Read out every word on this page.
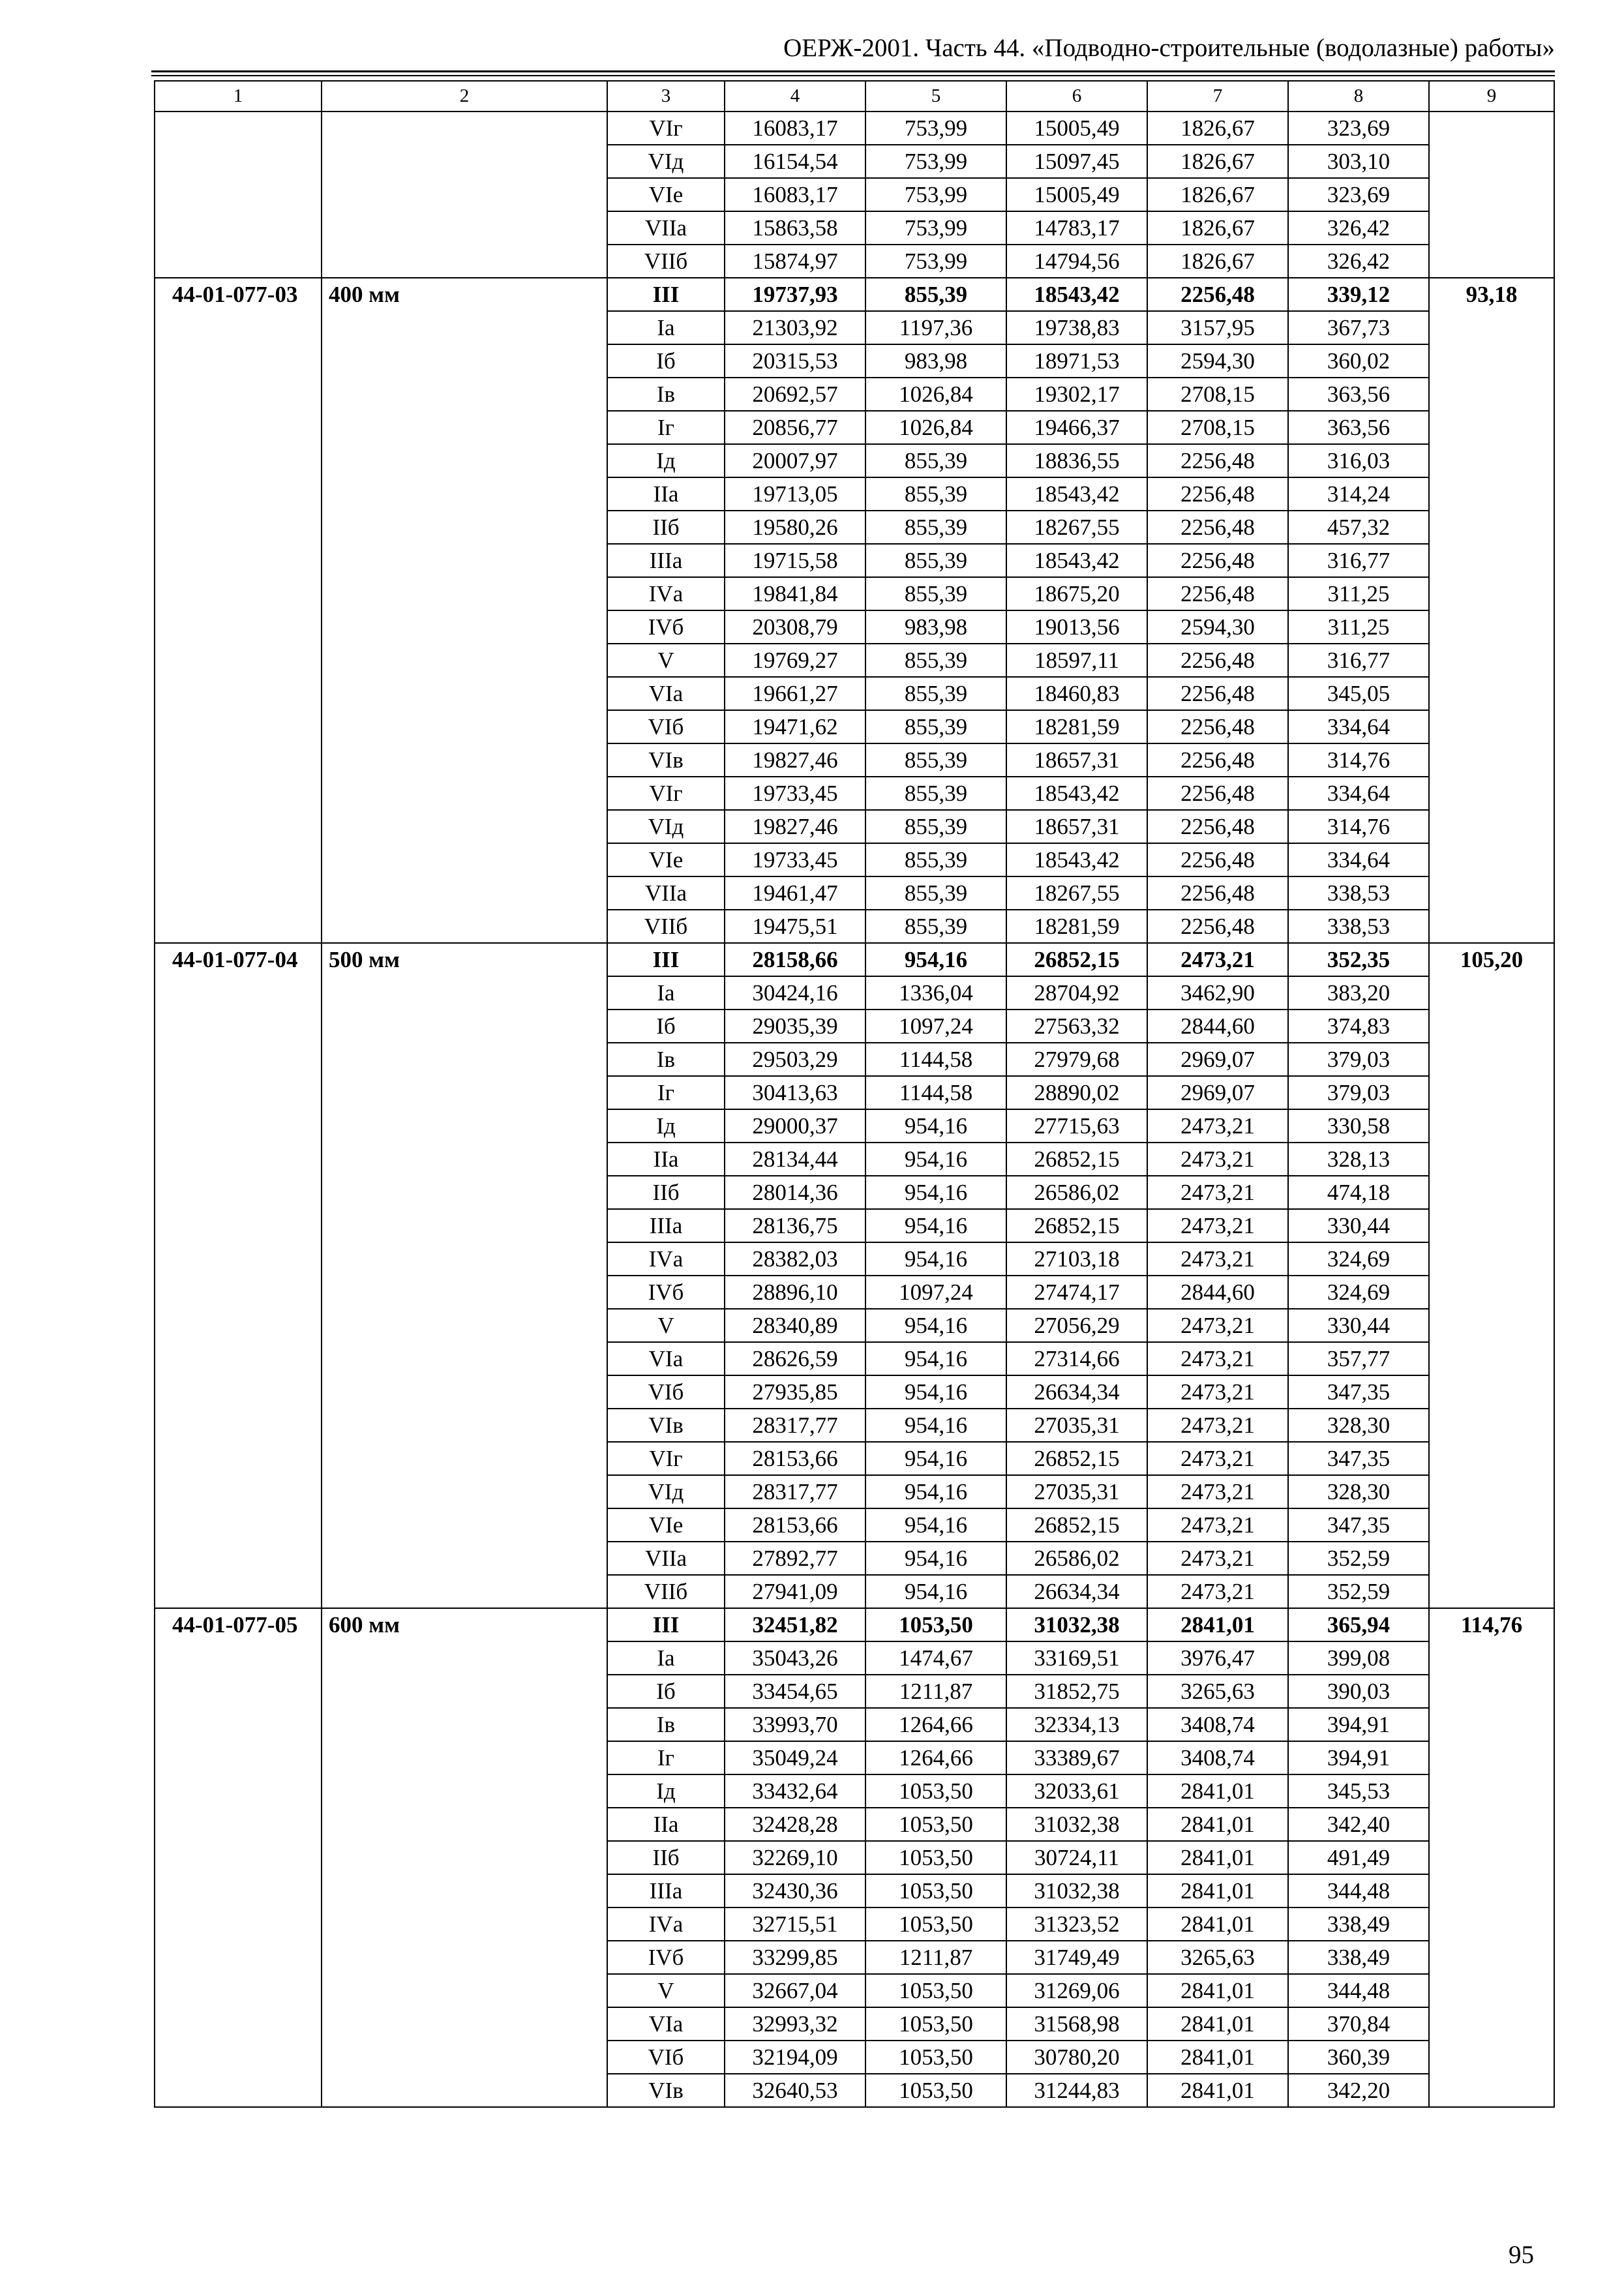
ОЕРЖ-2001. Часть 44. «Подводно-строительные (водолазные) работы»
1	2	3	4	5	6	7	8	9
		VIг	16083,17	753,99	15005,49	1826,67	323,69	
		VIд	16154,54	753,99	15097,45	1826,67	303,10	
		VIе	16083,17	753,99	15005,49	1826,67	323,69	
		VIIа	15863,58	753,99	14783,17	1826,67	326,42	
		VIIб	15874,97	753,99	14794,56	1826,67	326,42	
44-01-077-03	400 мм	III	19737,93	855,39	18543,42	2256,48	339,12	93,18
		Iа	21303,92	1197,36	19738,83	3157,95	367,73	
		Iб	20315,53	983,98	18971,53	2594,30	360,02	
		Iв	20692,57	1026,84	19302,17	2708,15	363,56	
		Iг	20856,77	1026,84	19466,37	2708,15	363,56	
		Iд	20007,97	855,39	18836,55	2256,48	316,03	
		IIа	19713,05	855,39	18543,42	2256,48	314,24	
		IIб	19580,26	855,39	18267,55	2256,48	457,32	
		IIIа	19715,58	855,39	18543,42	2256,48	316,77	
		IVа	19841,84	855,39	18675,20	2256,48	311,25	
		IVб	20308,79	983,98	19013,56	2594,30	311,25	
		V	19769,27	855,39	18597,11	2256,48	316,77	
		VIа	19661,27	855,39	18460,83	2256,48	345,05	
		VIб	19471,62	855,39	18281,59	2256,48	334,64	
		VIв	19827,46	855,39	18657,31	2256,48	314,76	
		VIг	19733,45	855,39	18543,42	2256,48	334,64	
		VIд	19827,46	855,39	18657,31	2256,48	314,76	
		VIе	19733,45	855,39	18543,42	2256,48	334,64	
		VIIа	19461,47	855,39	18267,55	2256,48	338,53	
		VIIб	19475,51	855,39	18281,59	2256,48	338,53	
44-01-077-04	500 мм	III	28158,66	954,16	26852,15	2473,21	352,35	105,20
		Iа	30424,16	1336,04	28704,92	3462,90	383,20	
		Iб	29035,39	1097,24	27563,32	2844,60	374,83	
		Iв	29503,29	1144,58	27979,68	2969,07	379,03	
		Iг	30413,63	1144,58	28890,02	2969,07	379,03	
		Iд	29000,37	954,16	27715,63	2473,21	330,58	
		IIа	28134,44	954,16	26852,15	2473,21	328,13	
		IIб	28014,36	954,16	26586,02	2473,21	474,18	
		IIIа	28136,75	954,16	26852,15	2473,21	330,44	
		IVа	28382,03	954,16	27103,18	2473,21	324,69	
		IVб	28896,10	1097,24	27474,17	2844,60	324,69	
		V	28340,89	954,16	27056,29	2473,21	330,44	
		VIа	28626,59	954,16	27314,66	2473,21	357,77	
		VIб	27935,85	954,16	26634,34	2473,21	347,35	
		VIв	28317,77	954,16	27035,31	2473,21	328,30	
		VIг	28153,66	954,16	26852,15	2473,21	347,35	
		VIд	28317,77	954,16	27035,31	2473,21	328,30	
		VIе	28153,66	954,16	26852,15	2473,21	347,35	
		VIIа	27892,77	954,16	26586,02	2473,21	352,59	
		VIIб	27941,09	954,16	26634,34	2473,21	352,59	
44-01-077-05	600 мм	III	32451,82	1053,50	31032,38	2841,01	365,94	114,76
		Iа	35043,26	1474,67	33169,51	3976,47	399,08	
		Iб	33454,65	1211,87	31852,75	3265,63	390,03	
		Iв	33993,70	1264,66	32334,13	3408,74	394,91	
		Iг	35049,24	1264,66	33389,67	3408,74	394,91	
		Iд	33432,64	1053,50	32033,61	2841,01	345,53	
		IIа	32428,28	1053,50	31032,38	2841,01	342,40	
		IIб	32269,10	1053,50	30724,11	2841,01	491,49	
		IIIа	32430,36	1053,50	31032,38	2841,01	344,48	
		IVа	32715,51	1053,50	31323,52	2841,01	338,49	
		IVб	33299,85	1211,87	31749,49	3265,63	338,49	
		V	32667,04	1053,50	31269,06	2841,01	344,48	
		VIа	32993,32	1053,50	31568,98	2841,01	370,84	
		VIб	32194,09	1053,50	30780,20	2841,01	360,39	
		VIв	32640,53	1053,50	31244,83	2841,01	342,20	
95
